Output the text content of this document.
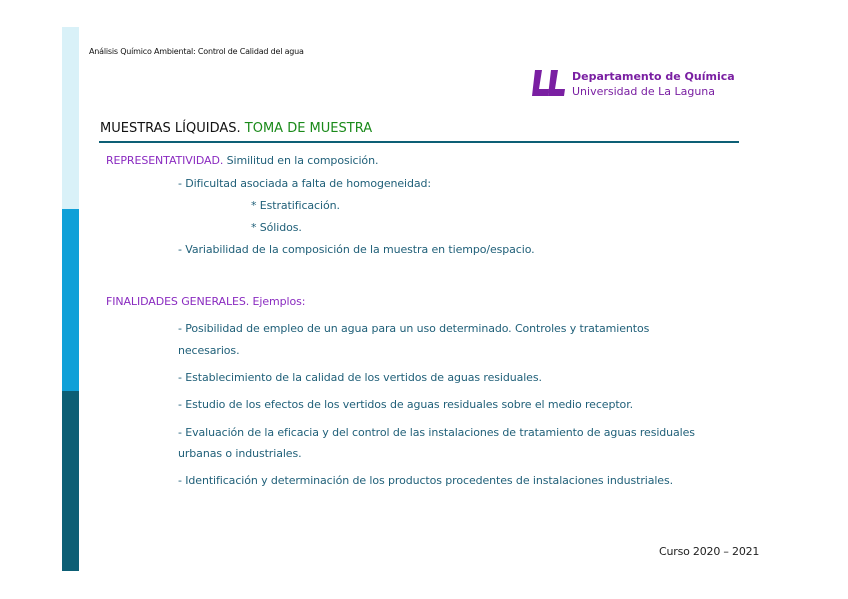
Análisis Químico Ambiental: Control de Calidad del agua
Departamento de Química
Universidad de La Laguna
MUESTRAS LÍQUIDAS. TOMA DE MUESTRA
REPRESENTATIVIDAD. Similitud en la composición.
- Dificultad asociada a falta de homogeneidad:
* Estratificación.
* Sólidos.
- Variabilidad de la composición de la muestra en tiempo/espacio.
FINALIDADES GENERALES. Ejemplos:
- Posibilidad de empleo de un agua para un uso determinado. Controles y tratamientos
necesarios.
- Establecimiento de la calidad de los vertidos de aguas residuales.
- Estudio de los efectos de los vertidos de aguas residuales sobre el medio receptor.
- Evaluación de la eficacia y del control de las instalaciones de tratamiento de aguas residuales
urbanas o industriales.
- Identificación y determinación de los productos procedentes de instalaciones industriales.
Curso 2020 – 2021
